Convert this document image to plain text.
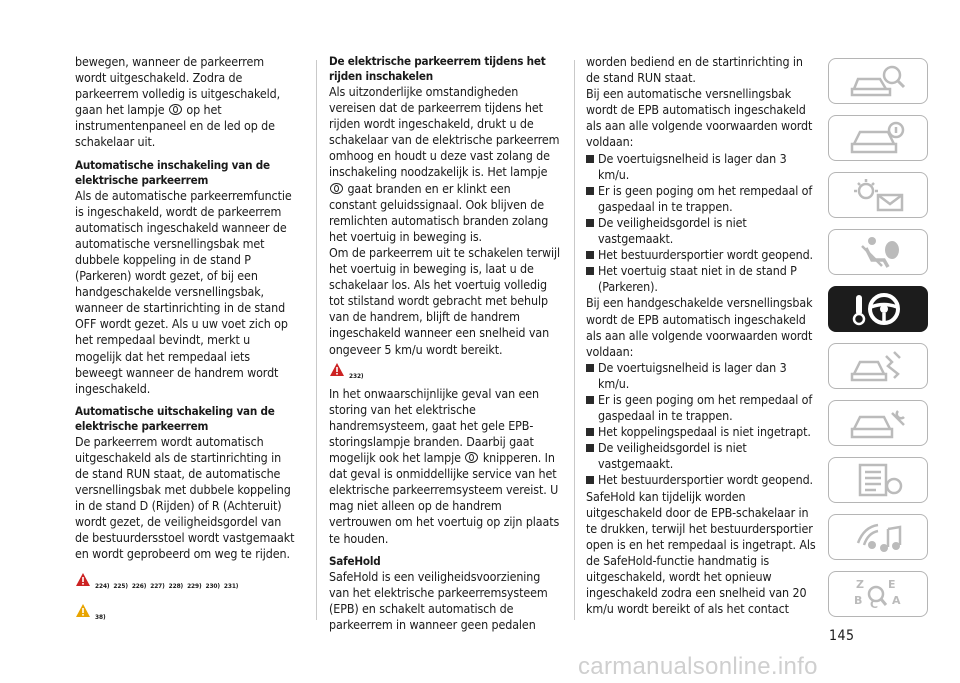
bewegen, wanneer de parkeerrem wordt uitgeschakeld. Zodra de parkeerrem volledig is uitgeschakeld, gaan het lampje op het instrumentenpaneel en de led op de schakelaar uit.

Automatische inschakeling van de elektrische parkeerrem

Als de automatische parkeerremfunctie is ingeschakeld, wordt de parkeerrem automatisch ingeschakeld wanneer de automatische versnellingsbak met dubbele koppeling in de stand P (Parkeren) wordt gezet, of bij een handgeschakelde versnellingsbak, wanneer de startinrichting in de stand OFF wordt gezet. Als u uw voet zich op het rempedaal bevindt, merkt u mogelijk dat het rempedaal iets beweegt wanneer de handrem wordt ingeschakeld.

Automatische uitschakeling van de elektrische parkeerrem

De parkeerrem wordt automatisch uitgeschakeld als de startinrichting in de stand RUN staat, de automatische versnellingsbak met dubbele koppeling in de stand D (Rijden) of R (Achteruit) wordt gezet, de veiligheidsgordel van de bestuurdersstoel wordt vastgemaakt en wordt geprobeerd om weg te rijden.

224) 225) 226) 227) 228) 229) 230) 231)
38)
De elektrische parkeerrem tijdens het rijden inschakelen

Als uitzonderlijke omstandigheden vereisen dat de parkeerrem tijdens het rijden wordt ingeschakeld, drukt u de schakelaar van de elektrische parkeerrem omhoog en houdt u deze vast zolang de inschakeling noodzakelijk is. Het lampje  gaat branden en er klinkt een constant geluidssignaal. Ook blijven de remlichten automatisch branden zolang het voertuig in beweging is.

Om de parkeerrem uit te schakelen terwijl het voertuig in beweging is, laat u de schakelaar los. Als het voertuig volledig tot stilstand wordt gebracht met behulp van de handrem, blijft de handrem ingeschakeld wanneer een snelheid van ongeveer 5 km/u wordt bereikt.

232)

In het onwaarschijnlijke geval van een storing van het elektrische handremsysteem, gaat het gele EPB-storingslampje branden. Daarbij gaat mogelijk ook het lampje knipperen. In dat geval is onmiddellijke service van het elektrische parkeerremsysteem vereist. U mag niet alleen op de handrem vertrouwen om het voertuig op zijn plaats te houden.

SafeHold

SafeHold is een veiligheidsvoorziening van het elektrische parkeerremsysteem (EPB) en schakelt automatisch de parkeerrem in wanneer geen pedalen

worden bediend en de startinrichting in de stand RUN staat.

Bij een automatische versnellingsbak wordt de EPB automatisch ingeschakeld als aan alle volgende voorwaarden wordt voldaan:

De voertuigsnelheid is lager dan 3 km/u.

Er is geen poging om het rempedaal of gaspedaal in te trappen.

De veiligheidsgordel is niet vastgemaakt.

Het bestuurdersportier wordt geopend.

Het voertuig staat niet in de stand P (Parkeren).

Bij een handgeschakelde versnellingsbak wordt de EPB automatisch ingeschakeld als aan alle volgende voorwaarden wordt voldaan:

De voertuigsnelheid is lager dan 3 km/u.

Er is geen poging om het rempedaal of gaspedaal in te trappen.

Het koppelingspedaal is niet ingetrapt.

De veiligheidsgordel is niet vastgemaakt.

Het bestuurdersportier wordt geopend.

SafeHold kan tijdelijk worden uitgeschakeld door de EPB-schakelaar in te drukken, terwijl het bestuurdersportier open is en het rempedaal is ingetrapt. Als de SafeHold-functie handmatig is uitgeschakeld, wordt het opnieuw ingeschakeld zodra een snelheid van 20 km/u wordt bereikt of als het contact

Z E
B C A
145
carmanualsonline.info
